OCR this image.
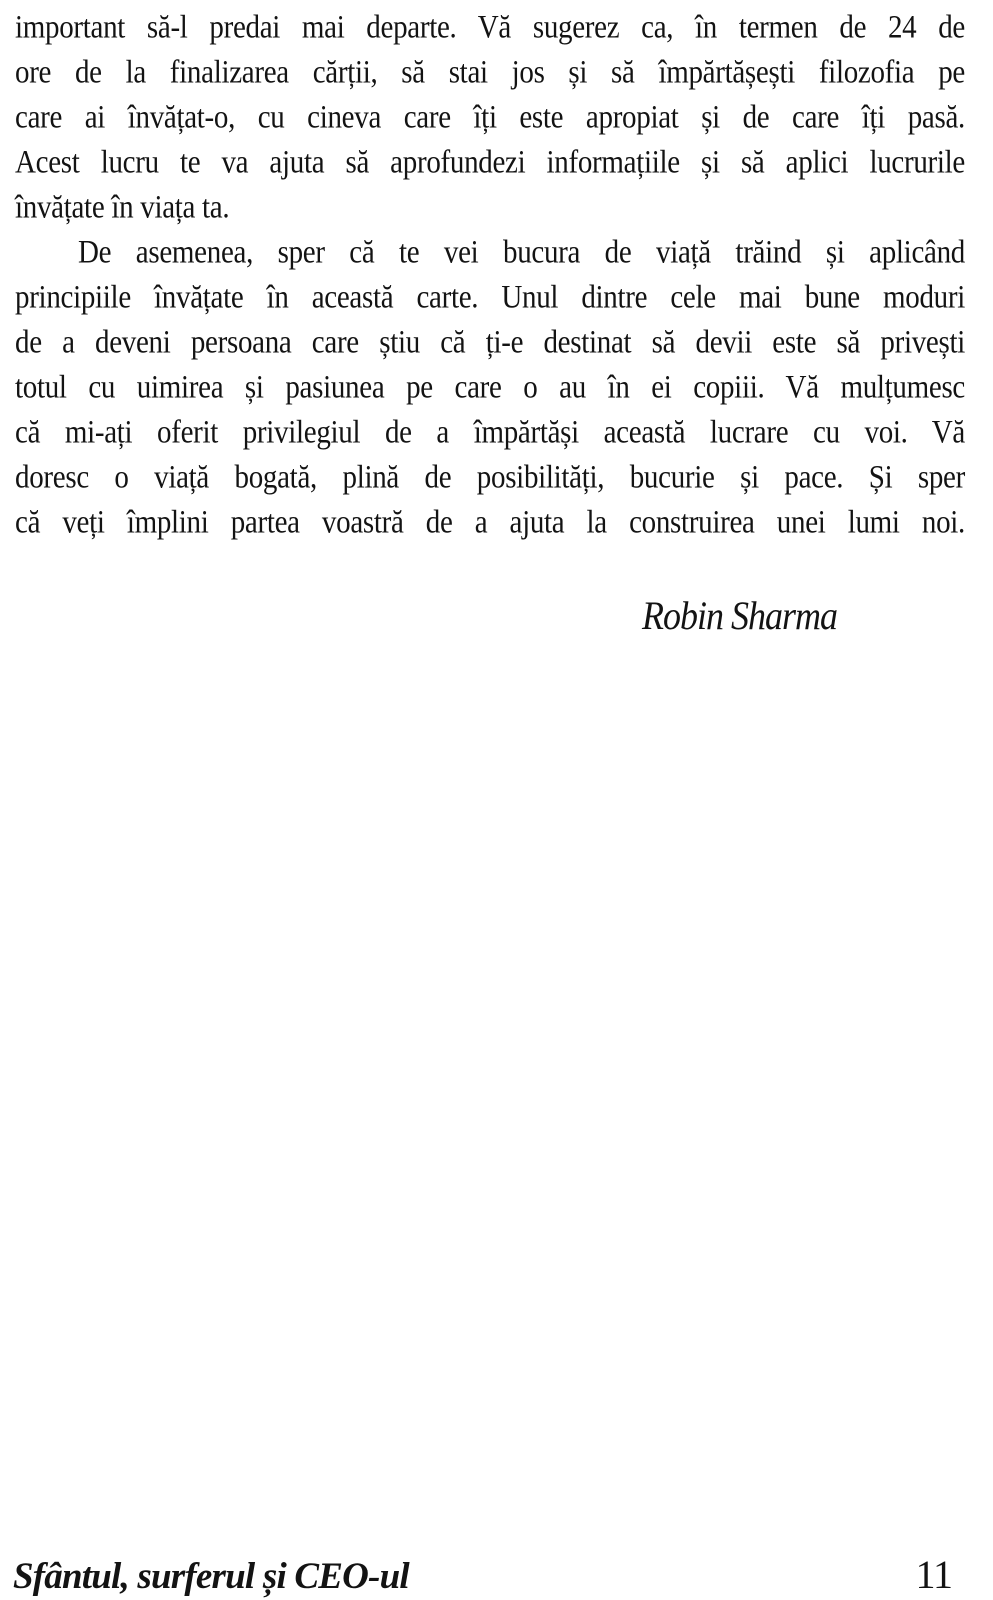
important să-l predai mai departe. Vă sugerez ca, în termen de 24 de
ore de la finalizarea cărții, să stai jos și să împărtășești filozofia pe
care ai învățat-o, cu cineva care îți este apropiat și de care îți pasă.
Acest lucru te va ajuta să aprofundezi informațiile și să aplici lucrurile
învățate în viața ta.
De asemenea, sper că te vei bucura de viață trăind și aplicând
principiile învățate în această carte. Unul dintre cele mai bune moduri
de a deveni persoana care știu că ți-e destinat să devii este să privești
totul cu uimirea și pasiunea pe care o au în ei copiii. Vă mulțumesc
că mi-ați oferit privilegiul de a împărtăși această lucrare cu voi. Vă
doresc o viață bogată, plină de posibilități, bucurie și pace. Și sper
că veți împlini partea voastră de a ajuta la construirea unei lumi noi.
Robin Sharma
Sfântul, surferul și CEO-ul	11
